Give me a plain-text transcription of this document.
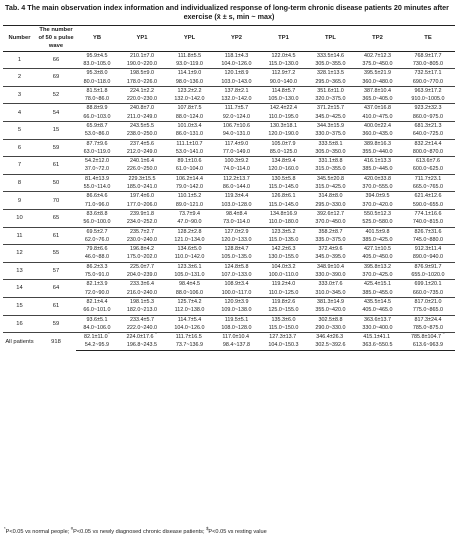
Tab. 4 The main observation index information and individualized response of long-term chronic disease patients 20 minutes after
exercise (x̄ ± s, min ~ max)
Number	The number of 50 s pulse wave	YB	YP1	YPL	YP2	TP1	TPL	TP2	TE
1	66	95.9±4.5	210.1±7.0	111.8±5.5	118.1±4.3	122.0±4.5	333.5±14.6	402.7±12.3	768.9±17.7
		83.0~105.0	190.0~220.0	93.0~119.0	104.0~126.0	115.0~130.0	305.0~355.0	375.0~450.0	730.0~805.0
2	69	95.3±8.0	198.5±9.0	114.1±9.0	120.1±8.9	112.9±7.2	328.1±13.5	395.5±21.9	732.5±17.1
		80.0~118.0	178.0~226.0	98.0~136.0	103.0~143.0	90.0~140.0	295.0~365.0	360.0~480.0	690.0~770.0
3	52	81.5±1.8	224.1±2.2	123.2±2.2	137.8±2.1	114.8±5.7	351.6±11.0	387.8±10.4	963.9±17.2
		78.0~86.0	220.0~230.0	132.0~142.0	132.0~142.0	105.0~130.0	320.0~375.0	365.0~405.0	910.0~1005.0
4	54	88.8±9.9	240.8±7.0	107.8±7.5	111.7±5.7	142.4±22.4	371.2±15.7	437.0±16.8	923.2±32.3
		66.0~103.0	211.0~249.0	88.0~124.0	92.0~124.0	110.0~195.0	345.0~425.0	410.0~475.0	860.0~975.0
5	15	65.9±8.7	243.5±5.5	101.0±3.4	106.7±10.6	130.3±18.1	344.3±15.9	400.0±22.4	681.3±21.3
		53.0~86.0	238.0~250.0	86.0~131.0	94.0~131.0	120.0~190.0	330.0~375.0	360.0~435.0	640.0~725.0
6	59	87.7±9.6	237.4±5.6	111.1±10.7	117.4±9.0	105.0±7.9	333.5±8.1	389.8±16.3	832.2±14.4
		63.0~119.0	212.0~249.0	53.0~141.0	77.0~149.0	85.0~125.0	305.0~350.0	355.0~440.0	800.0~870.0
7	61	54.2±12.0	240.1±6.4	89.1±10.6	100.3±9.2	134.8±9.4	331.1±8.8	416.1±13.3	613.6±7.6
		37.0~72.0	226.0~250.0	61.0~104.0	74.0~114.0	120.0~160.0	315.0~355.0	385.0~445.0	600.0~625.0
8	50	81.4±13.9	229.3±15.5	106.2±14.4	112.2±13.7	130.5±5.8	345.5±20.8	420.0±33.8	711.7±23.1
		55.0~114.0	185.0~241.0	79.0~142.0	86.0~144.0	115.0~145.0	315.0~425.0	370.0~555.0	665.0~765.0
9	70	86.6±4.6	197.4±6.0	110.1±5.2	119.3±4.4	126.8±6.1	314.8±8.0	394.0±9.5	621.4±12.6
		71.0~96.0	177.0~206.0	89.0~121.0	103.0~128.0	115.0~145.0	295.0~330.0	370.0~420.0	590.0~655.0
10	65	83.6±8.8	239.9±1.8	73.7±9.4	98.4±8.4	134.8±16.9	392.6±12.7	550.5±12.3	774.1±16.6
		56.0~100.0	234.0~252.0	47.0~90.0	73.0~114.0	110.0~180.0	370.0~450.0	525.0~580.0	740.0~815.0
11	61	69.5±2.7	235.7±2.7	128.2±2.8	127.0±2.9	123.3±5.2	358.2±8.7	401.5±9.8	826.7±31.6
		62.0~76.0	230.0~240.0	121.0~134.0	120.0~133.0	115.0~135.0	335.0~375.0	385.0~425.0	745.0~880.0
12	55	79.8±6.6	196.8±4.2	134.6±5.0	128.8±4.7	142.2±6.3	372.4±9.6	427.1±10.5	912.3±11.4
		46.0~88.0	175.0~202.0	110.0~142.0	105.0~135.0	130.0~155.0	345.0~395.0	405.0~450.0	890.0~940.0
13	57	86.2±3.3	225.0±7.7	123.3±6.1	124.8±5.8	104.0±3.2	348.9±10.4	395.8±13.2	876.9±91.7
		75.0~91.0	204.0~239.0	105.0~131.0	107.0~133.0	100.0~110.0	330.0~390.0	370.0~425.0	655.0~1020.0
14	64	82.1±3.9	233.3±6.4	98.4±4.5	108.9±3.4	119.2±4.0	333.0±7.6	425.4±15.1	699.1±20.1
		72.0~90.0	216.0~240.0	88.0~106.0	100.0~117.0	110.0~125.0	310.0~345.0	385.0~455.0	660.0~735.0
15	61	82.1±4.4	198.1±5.3	125.7±4.2	120.9±3.9	119.8±2.6	381.3±14.9	435.5±14.5	817.0±21.0
		66.0~101.0	182.0~213.0	112.0~138.0	109.0~138.0	125.0~155.0	355.0~420.0	405.0~465.0	775.0~865.0
16	59	93.6±5.1	233.4±5.7	114.7±5.4	119.5±5.1	135.3±6.0	302.5±8.8	363.6±13.7	817.3±24.4
		84.0~106.0	222.0~240.0	104.0~126.0	108.0~128.0	115.0~150.0	290.0~330.0	330.0~400.0	785.0~875.0
All patients	918	82.1±11.0#	224.0±17.6*#	111.7±16.5*	117.0±10.4*	127.3±13.7*	346.4±26.3*	415.1±41.1*	785.8±104.7*#
		54.2~95.9	196.8~243.5	73.7~136.9	98.4~137.8	104.0~150.3	302.5~392.6	363.6~550.5	613.6~963.9
*P<0.05 vs normal people; #P<0.05 vs newly diagnosed chronic disease patients; $P<0.05 vs resting value
